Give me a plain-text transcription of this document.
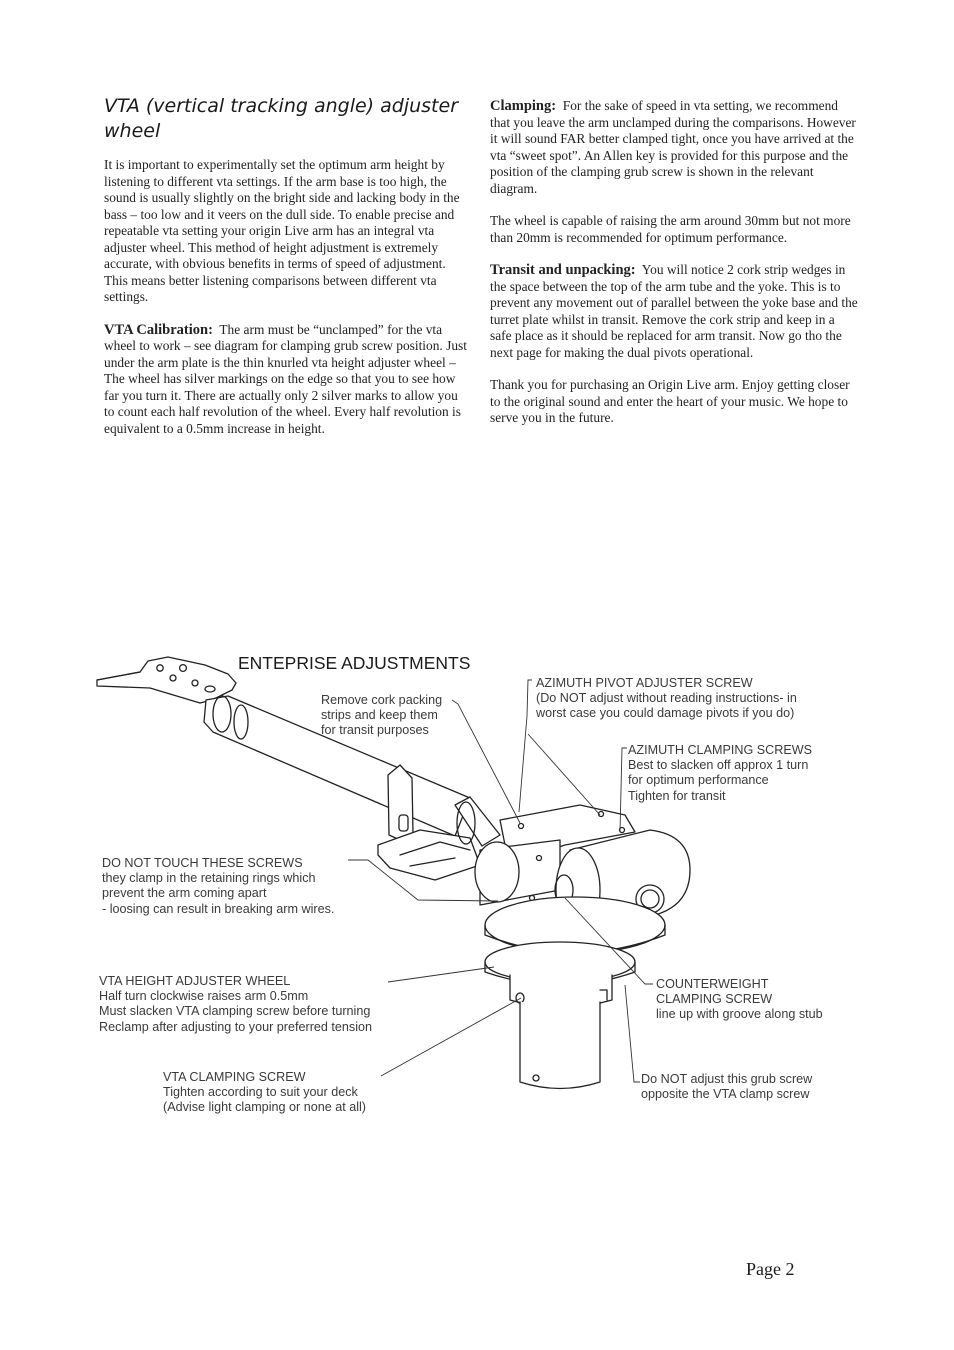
VTA (vertical tracking angle) adjuster wheel

It is important to experimentally set the optimum arm height by listening to different vta settings. If the arm base is too high, the sound is usually slightly on the bright side and lacking body in the bass – too low and it veers on the dull side. To enable precise and repeatable vta setting your origin Live arm has an integral vta adjuster wheel. This method of height adjustment is extremely accurate, with obvious benefits in terms of speed of adjustment. This means better listening comparisons between different vta settings.

VTA Calibration: The arm must be “unclamped” for the vta wheel to work – see diagram for clamping grub screw position. Just under the arm plate is the thin knurled vta height adjuster wheel – The wheel has silver markings on the edge so that you to see how far you turn it. There are actually only 2 silver marks to allow you to count each half revolution of the wheel. Every half revolution is equivalent to a 0.5mm increase in height.

Clamping: For the sake of speed in vta setting, we recommend that you leave the arm unclamped during the comparisons. However it will sound FAR better clamped tight, once you have arrived at the vta “sweet spot”. An Allen key is provided for this purpose and the position of the clamping grub screw is shown in the relevant diagram.

The wheel is capable of raising the arm around 30mm but not more than 20mm is recommended for optimum performance.

Transit and unpacking: You will notice 2 cork strip wedges in the space between the top of the arm tube and the yoke. This is to prevent any movement out of parallel between the yoke base and the turret plate whilst in transit. Remove the cork strip and keep in a safe place as it should be replaced for arm transit. Now go tho the next page for making the dual pivots operational.

Thank you for purchasing an Origin Live arm. Enjoy getting closer to the original sound and enter the heart of your music. We hope to serve you in the future.

ENTEPRISE ADJUSTMENTS
Remove cork packing
strips and keep them
for transit purposes
AZIMUTH PIVOT ADJUSTER SCREW
(Do NOT adjust without reading instructions- in
worst case you could damage pivots if you do)
AZIMUTH CLAMPING SCREWS
Best to slacken off approx 1 turn
for optimum performance
Tighten for transit
DO NOT TOUCH THESE SCREWS
they clamp in the retaining rings which
prevent the arm coming apart
- loosing can result in breaking arm wires.
VTA HEIGHT ADJUSTER WHEEL
Half turn clockwise raises arm 0.5mm
Must slacken VTA clamping screw before turning
Reclamp after adjusting to your preferred tension
COUNTERWEIGHT
CLAMPING SCREW
line up with groove along stub
VTA CLAMPING SCREW
Tighten according to suit your deck
(Advise light clamping or none at all)
Do NOT adjust this grub screw
opposite the VTA clamp screw
Page 2
